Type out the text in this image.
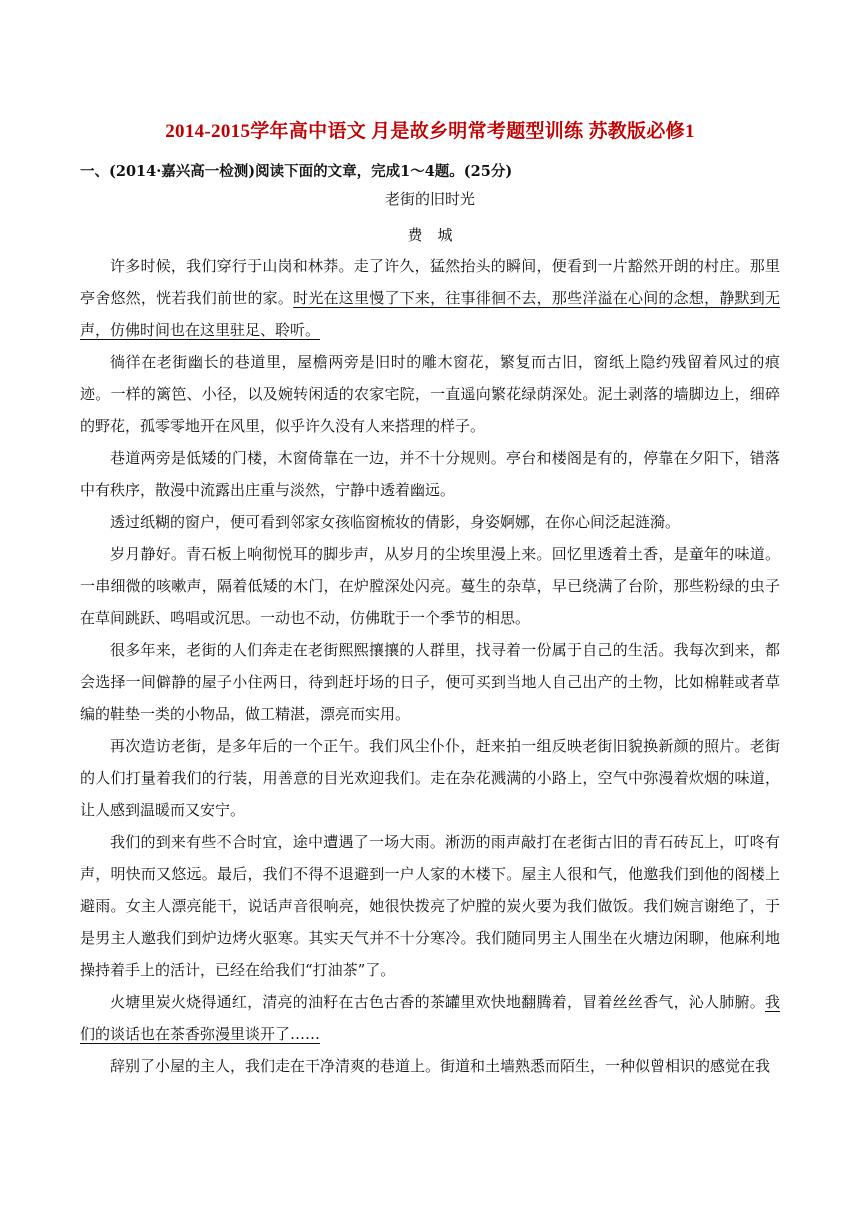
2014-2015学年高中语文 月是故乡明常考题型训练 苏教版必修1
一、(2014·嘉兴高一检测)阅读下面的文章，完成1～4题。(25分)
老街的旧时光
费　城

许多时候，我们穿行于山岗和林莽。走了许久，猛然抬头的瞬间，便看到一片豁然开朗的村庄。那里亭舍悠然，恍若我们前世的家。时光在这里慢了下来，往事徘徊不去，那些洋溢在心间的念想，静默到无声，仿佛时间也在这里驻足、聆听。

徜徉在老街幽长的巷道里，屋檐两旁是旧时的雕木窗花，繁复而古旧，窗纸上隐约残留着风过的痕迹。一样的篱笆、小径，以及婉转闲适的农家宅院，一直遥向繁花绿荫深处。泥土剥落的墙脚边上，细碎的野花，孤零零地开在风里，似乎许久没有人来搭理的样子。

巷道两旁是低矮的门楼，木窗倚靠在一边，并不十分规则。亭台和楼阁是有的，停靠在夕阳下，错落中有秩序，散漫中流露出庄重与淡然，宁静中透着幽远。

透过纸糊的窗户，便可看到邻家女孩临窗梳妆的倩影，身姿婀娜，在你心间泛起涟漪。

岁月静好。青石板上响彻悦耳的脚步声，从岁月的尘埃里漫上来。回忆里透着土香，是童年的味道。一串细微的咳嗽声，隔着低矮的木门，在炉膛深处闪亮。蔓生的杂草，早已绕满了台阶，那些粉绿的虫子在草间跳跃、鸣唱或沉思。一动也不动，仿佛耽于一个季节的相思。

很多年来，老街的人们奔走在老街熙熙攘攘的人群里，找寻着一份属于自己的生活。我每次到来，都会选择一间僻静的屋子小住两日，待到赶圩场的日子，便可买到当地人自己出产的土物，比如棉鞋或者草编的鞋垫一类的小物品，做工精湛，漂亮而实用。

再次造访老街，是多年后的一个正午。我们风尘仆仆，赶来拍一组反映老街旧貌换新颜的照片。老街的人们打量着我们的行装，用善意的目光欢迎我们。走在杂花溅满的小路上，空气中弥漫着炊烟的味道，让人感到温暖而又安宁。

我们的到来有些不合时宜，途中遭遇了一场大雨。淅沥的雨声敲打在老街古旧的青石砖瓦上，叮咚有声，明快而又悠远。最后，我们不得不退避到一户人家的木楼下。屋主人很和气，他邀我们到他的阁楼上避雨。女主人漂亮能干，说话声音很响亮，她很快拨亮了炉膛的炭火要为我们做饭。我们婉言谢绝了，于是男主人邀我们到炉边烤火驱寒。其实天气并不十分寒冷。我们随同男主人围坐在火塘边闲聊，他麻利地操持着手上的活计，已经在给我们“打油茶”了。

火塘里炭火烧得通红，清亮的油籽在古色古香的茶罐里欢快地翻腾着，冒着丝丝香气，沁人肺腑。我们的谈话也在茶香弥漫里谈开了……

辞别了小屋的主人，我们走在干净清爽的巷道上。街道和土墙熟悉而陌生，一种似曾相识的感觉在我
